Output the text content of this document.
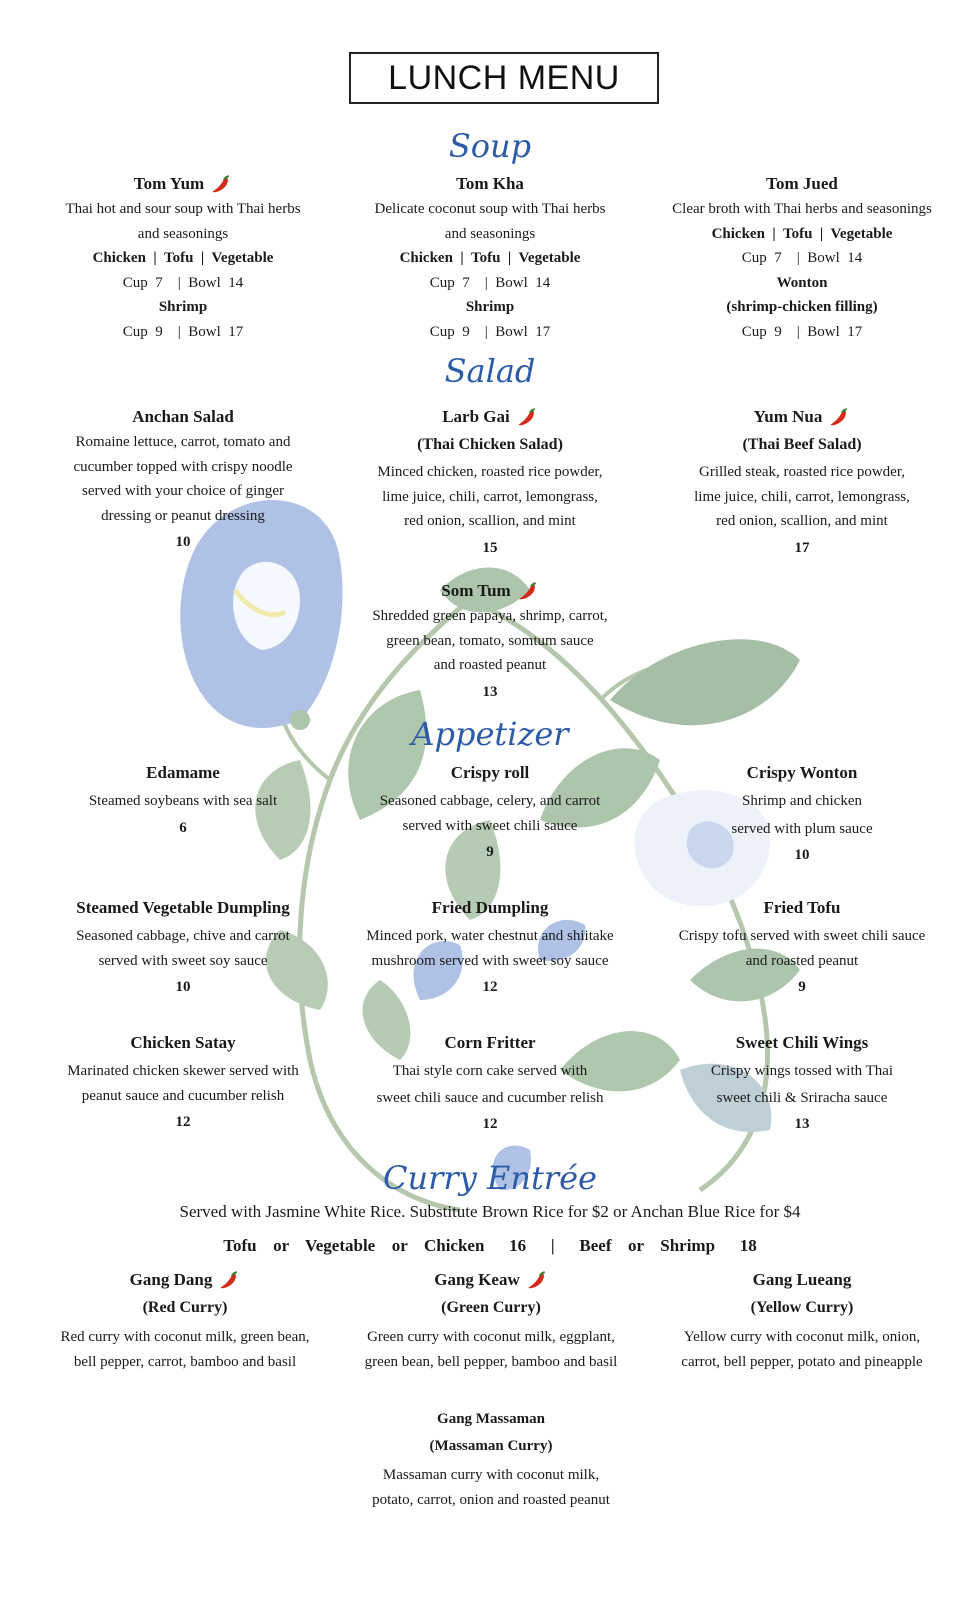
LUNCH MENU
Soup
Tom Yum
Thai hot and sour soup with Thai herbs
and seasonings
Chicken  |  Tofu  |  Vegetable
Cup  7    |  Bowl  14
Shrimp
Cup  9    |  Bowl  17
Tom Kha
Delicate coconut soup with Thai herbs
and seasonings
Chicken  |  Tofu  |  Vegetable
Cup  7    |  Bowl  14
Shrimp
Cup  9    |  Bowl  17
Tom Jued
Clear broth with Thai herbs and seasonings
Chicken  |  Tofu  |  Vegetable
Cup  7    |  Bowl  14
Wonton
(shrimp-chicken filling)
Cup  9    |  Bowl  17
Salad
Anchan Salad
Romaine lettuce, carrot, tomato and
cucumber topped with crispy noodle
served with your choice of ginger
dressing or peanut dressing
10
Larb Gai
(Thai Chicken Salad)
Minced chicken, roasted rice powder,
lime juice, chili, carrot, lemongrass,
red onion, scallion, and mint
15
Yum Nua
(Thai Beef Salad)
Grilled steak, roasted rice powder,
lime juice, chili, carrot, lemongrass,
red onion, scallion, and mint
17
Som Tum
Shredded green papaya, shrimp, carrot,
green bean, tomato, somtum sauce
and roasted peanut
13
Appetizer
Edamame
Steamed soybeans with sea salt
6
Crispy roll
Seasoned cabbage, celery, and carrot
served with sweet chili sauce
9
Crispy Wonton
Shrimp and chicken
served with plum sauce
10
Steamed Vegetable Dumpling
Seasoned cabbage, chive and carrot
served with sweet soy sauce
10
Fried Dumpling
Minced pork, water chestnut and shiitake
mushroom served with sweet soy sauce
12
Fried Tofu
Crispy tofu served with sweet chili sauce
and roasted peanut
9
Chicken Satay
Marinated chicken skewer served with
peanut sauce and cucumber relish
12
Corn Fritter
Thai style corn cake served with
sweet chili sauce and cucumber relish
12
Sweet Chili Wings
Crispy wings tossed with Thai
sweet chili & Sriracha sauce
13
Curry Entrée
Served with Jasmine White Rice. Substitute Brown Rice for $2 or Anchan Blue Rice for $4
Tofu  or  Vegetable  or  Chicken   16   |   Beef  or  Shrimp   18
Gang Dang
(Red Curry)
Red curry with coconut milk, green bean,
bell pepper, carrot, bamboo and basil
Gang Keaw
(Green Curry)
Green curry with coconut milk, eggplant,
green bean, bell pepper, bamboo and basil
Gang Lueang
(Yellow Curry)
Yellow curry with coconut milk, onion,
carrot, bell pepper, potato and pineapple
Gang Massaman
(Massaman Curry)
Massaman curry with coconut milk,
potato, carrot, onion and roasted peanut
